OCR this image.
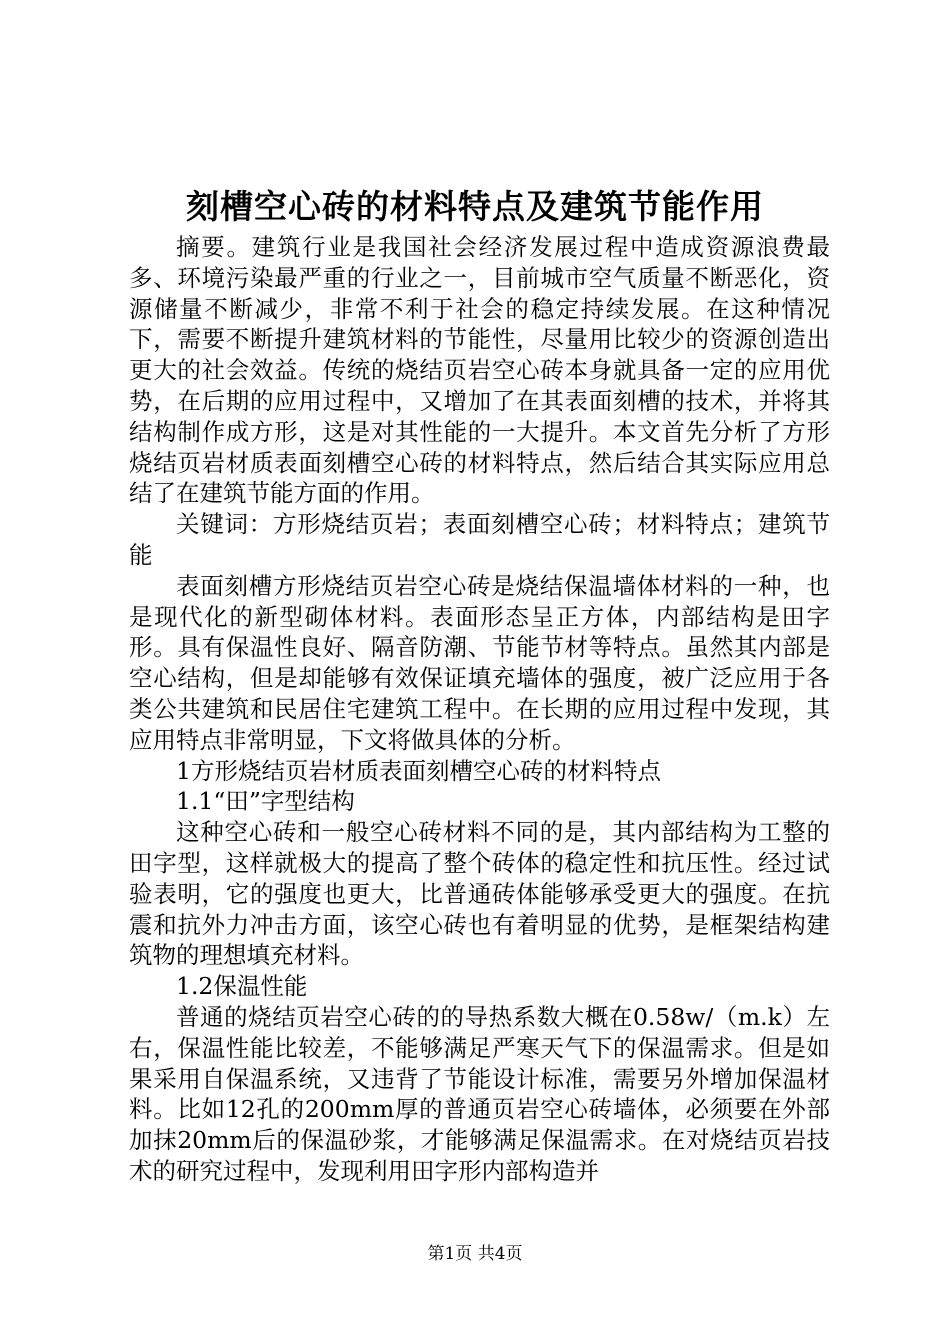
刻槽空心砖的材料特点及建筑节能作用

摘要。建筑行业是我国社会经济发展过程中造成资源浪费最多、环境污染最严重的行业之一，目前城市空气质量不断恶化，资源储量不断减少，非常不利于社会的稳定持续发展。在这种情况下，需要不断提升建筑材料的节能性，尽量用比较少的资源创造出更大的社会效益。传统的烧结页岩空心砖本身就具备一定的应用优势，在后期的应用过程中，又增加了在其表面刻槽的技术，并将其结构制作成方形，这是对其性能的一大提升。本文首先分析了方形烧结页岩材质表面刻槽空心砖的材料特点，然后结合其实际应用总结了在建筑节能方面的作用。

关键词：方形烧结页岩；表面刻槽空心砖；材料特点；建筑节能

表面刻槽方形烧结页岩空心砖是烧结保温墙体材料的一种，也是现代化的新型砌体材料。表面形态呈正方体，内部结构是田字形。具有保温性良好、隔音防潮、节能节材等特点。虽然其内部是空心结构，但是却能够有效保证填充墙体的强度，被广泛应用于各类公共建筑和民居住宅建筑工程中。在长期的应用过程中发现，其应用特点非常明显，下文将做具体的分析。

1方形烧结页岩材质表面刻槽空心砖的材料特点

1.1“田”字型结构

这种空心砖和一般空心砖材料不同的是，其内部结构为工整的田字型，这样就极大的提高了整个砖体的稳定性和抗压性。经过试验表明，它的强度也更大，比普通砖体能够承受更大的强度。在抗震和抗外力冲击方面，该空心砖也有着明显的优势，是框架结构建筑物的理想填充材料。

1.2保温性能

普通的烧结页岩空心砖的的导热系数大概在0.58w/（m.k）左右，保温性能比较差，不能够满足严寒天气下的保温需求。但是如果采用自保温系统，又违背了节能设计标准，需要另外增加保温材料。比如12孔的200mm厚的普通页岩空心砖墙体，必须要在外部加抹20mm后的保温砂浆，才能够满足保温需求。在对烧结页岩技术的研究过程中，发现利用田字形内部构造并

第1页 共4页
